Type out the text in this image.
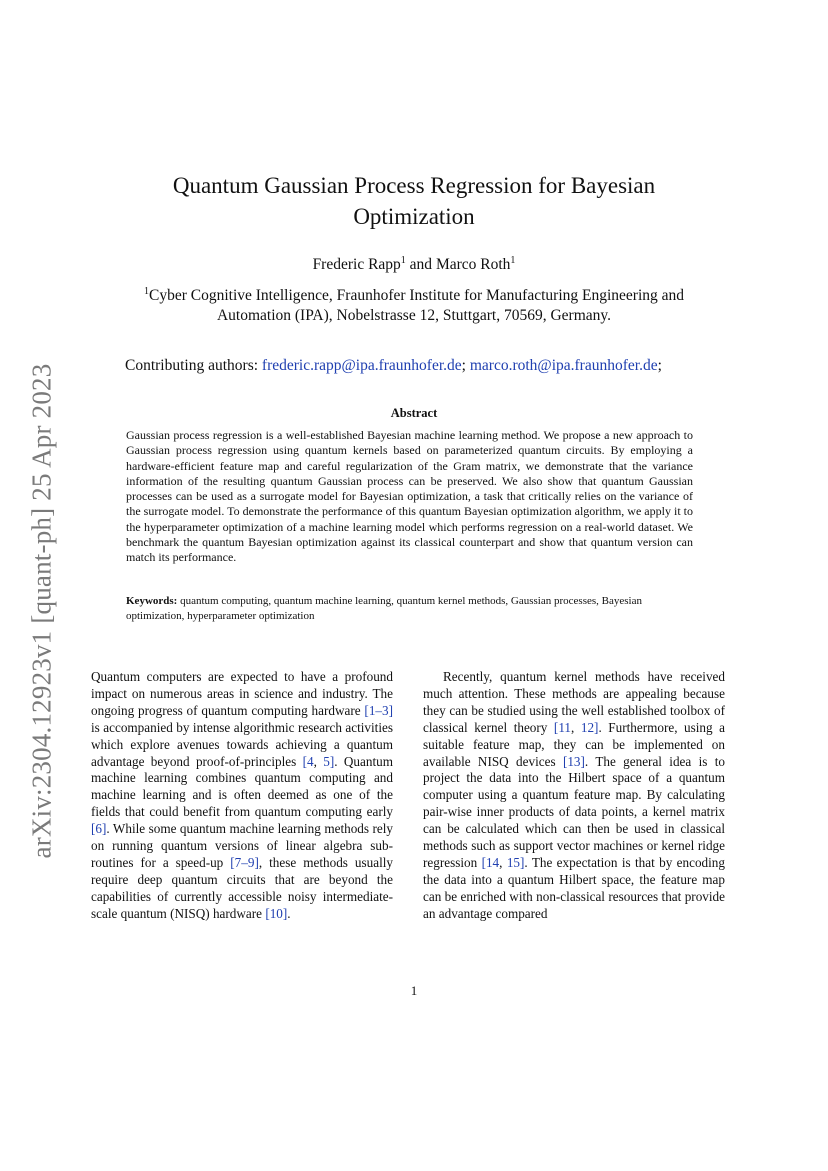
arXiv:2304.12923v1 [quant-ph] 25 Apr 2023
Quantum Gaussian Process Regression for Bayesian Optimization
Frederic Rapp$^1$ and Marco Roth$^1$
$^1$Cyber Cognitive Intelligence, Fraunhofer Institute for Manufacturing Engineering and Automation (IPA), Nobelstrasse 12, Stuttgart, 70569, Germany.
Contributing authors: frederic.rapp@ipa.fraunhofer.de; marco.roth@ipa.fraunhofer.de;
Abstract
Gaussian process regression is a well-established Bayesian machine learning method. We propose a new approach to Gaussian process regression using quantum kernels based on parameterized quantum circuits. By employing a hardware-efficient feature map and careful regularization of the Gram matrix, we demonstrate that the variance information of the resulting quantum Gaussian process can be preserved. We also show that quantum Gaussian processes can be used as a surrogate model for Bayesian optimization, a task that critically relies on the variance of the surrogate model. To demonstrate the performance of this quantum Bayesian optimization algorithm, we apply it to the hyperparameter optimization of a machine learning model which performs regression on a real-world dataset. We benchmark the quantum Bayesian optimization against its classical counterpart and show that quantum version can match its performance.
Keywords: quantum computing, quantum machine learning, quantum kernel methods, Gaussian processes, Bayesian optimization, hyperparameter optimization
Quantum computers are expected to have a profound impact on numerous areas in science and industry. The ongoing progress of quantum computing hardware [1–3] is accompanied by intense algorithmic research activities which explore avenues towards achieving a quantum advantage beyond proof-of-principles [4, 5]. Quantum machine learning combines quantum computing and machine learning and is often deemed as one of the fields that could benefit from quantum computing early [6]. While some quantum machine learning methods rely on running quantum versions of linear algebra sub-routines for a speed-up [7–9], these methods usually require deep quantum circuits that are beyond the capabilities of currently accessible noisy intermediate-scale quantum (NISQ) hardware [10].
Recently, quantum kernel methods have received much attention. These methods are appealing because they can be studied using the well established toolbox of classical kernel theory [11, 12]. Furthermore, using a suitable feature map, they can be implemented on available NISQ devices [13]. The general idea is to project the data into the Hilbert space of a quantum computer using a quantum feature map. By calculating pair-wise inner products of data points, a kernel matrix can be calculated which can then be used in classical methods such as support vector machines or kernel ridge regression [14, 15]. The expectation is that by encoding the data into a quantum Hilbert space, the feature map can be enriched with non-classical resources that provide an advantage compared
1
